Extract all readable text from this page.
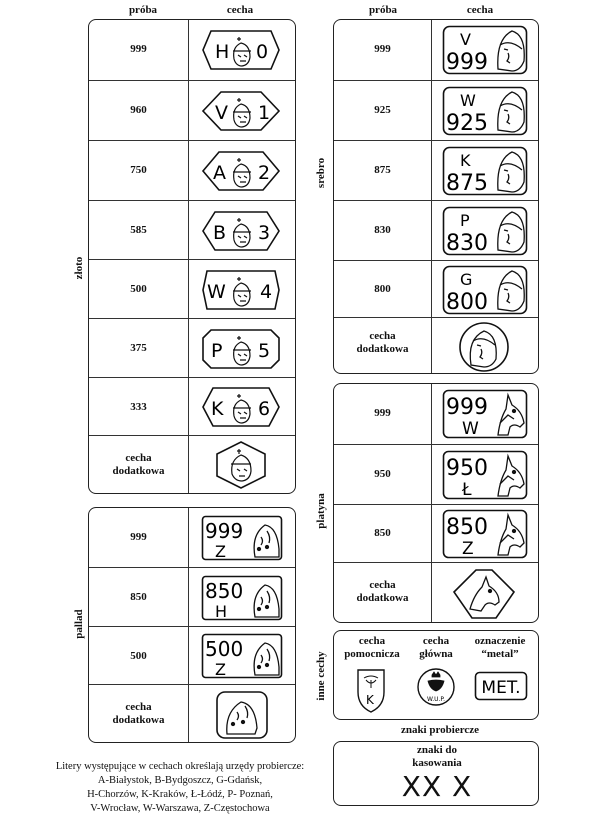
próba	cecha	próba	cecha
złoto
999	H 0
960	V 1
750	A 2
585	B 3
500	W 4
375	P 5
333	K 6
cecha
dodatkowa
pallad
999	999
Z
850	850
H
500	500
Z
cecha
dodatkowa
srebro
999	V
999
925	W
925
875	K
875
830	P
830
800	G
800
cecha
dodatkowa
platyna
999	999
W
950	950
Ł
850	850
Z
cecha
dodatkowa
inne cechy
cecha
pomocnicza
K
cecha
główna
W.U.P.
oznaczenie
“metal”
MET.
znaki probiercze
znaki do
kasowania
XX X
Litery występujące w cechach określają urzędy probiercze:
A-Białystok, B-Bydgoszcz, G-Gdańsk,
H-Chorzów, K-Kraków, Ł-Łódź, P- Poznań,
V-Wrocław, W-Warszawa, Z-Częstochowa
